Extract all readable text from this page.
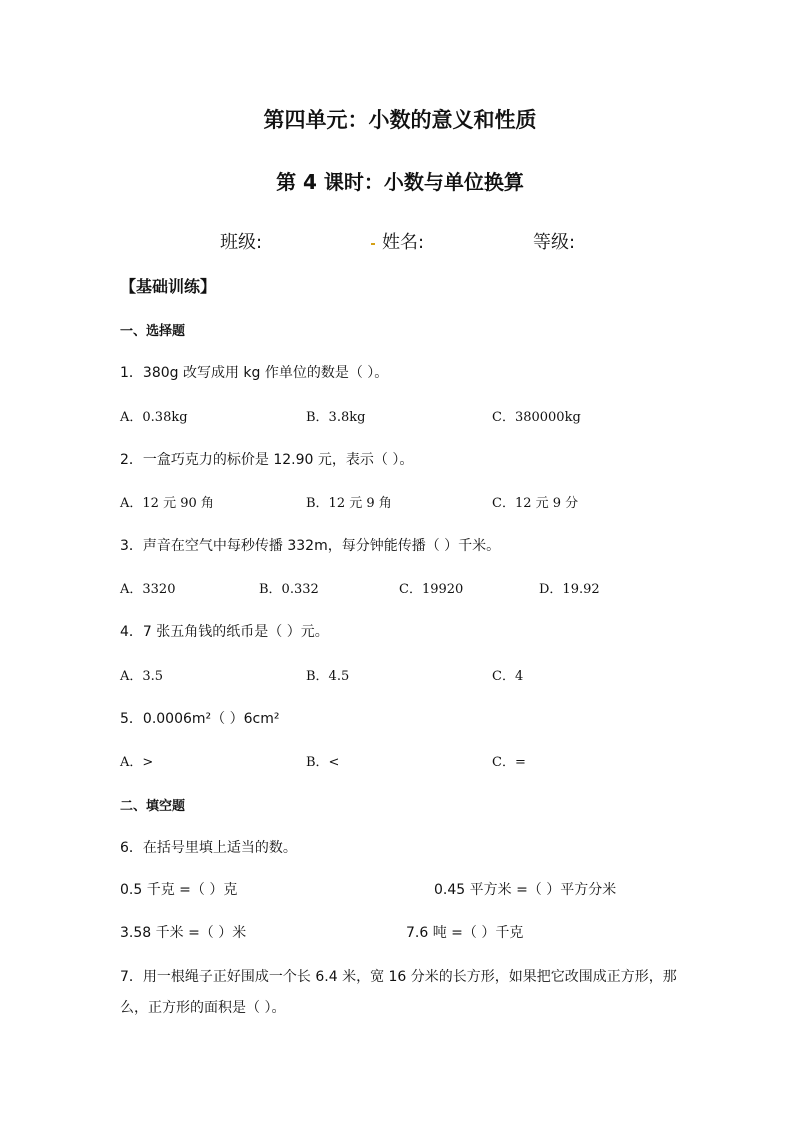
第四单元：小数的意义和性质
第 4 课时：小数与单位换算
班级:	姓名:	等级:
【基础训练】
一、选择题
1．380g 改写成用 kg 作单位的数是（ ）。
A．0.38kg	B．3.8kg	C．380000kg
2．一盒巧克力的标价是 12.90 元，表示（ ）。
A．12 元 90 角	B．12 元 9 角	C．12 元 9 分
3．声音在空气中每秒传播 332m，每分钟能传播（ ）千米。
A．3320	B．0.332	C．19920	D．19.92
4．7 张五角钱的纸币是（ ）元。
A．3.5	B．4.5	C．4
5．0.0006m²（ ）6cm²
A．>	B．<	C．=
二、填空题
6．在括号里填上适当的数。
0.5 千克 =（ ）克	0.45 平方米 =（ ）平方分米
3.58 千米 =（ ）米	7.6 吨 =（ ）千克
7．用一根绳子正好围成一个长 6.4 米，宽 16 分米的长方形，如果把它改围成正方形，那
么，正方形的面积是（ ）。
